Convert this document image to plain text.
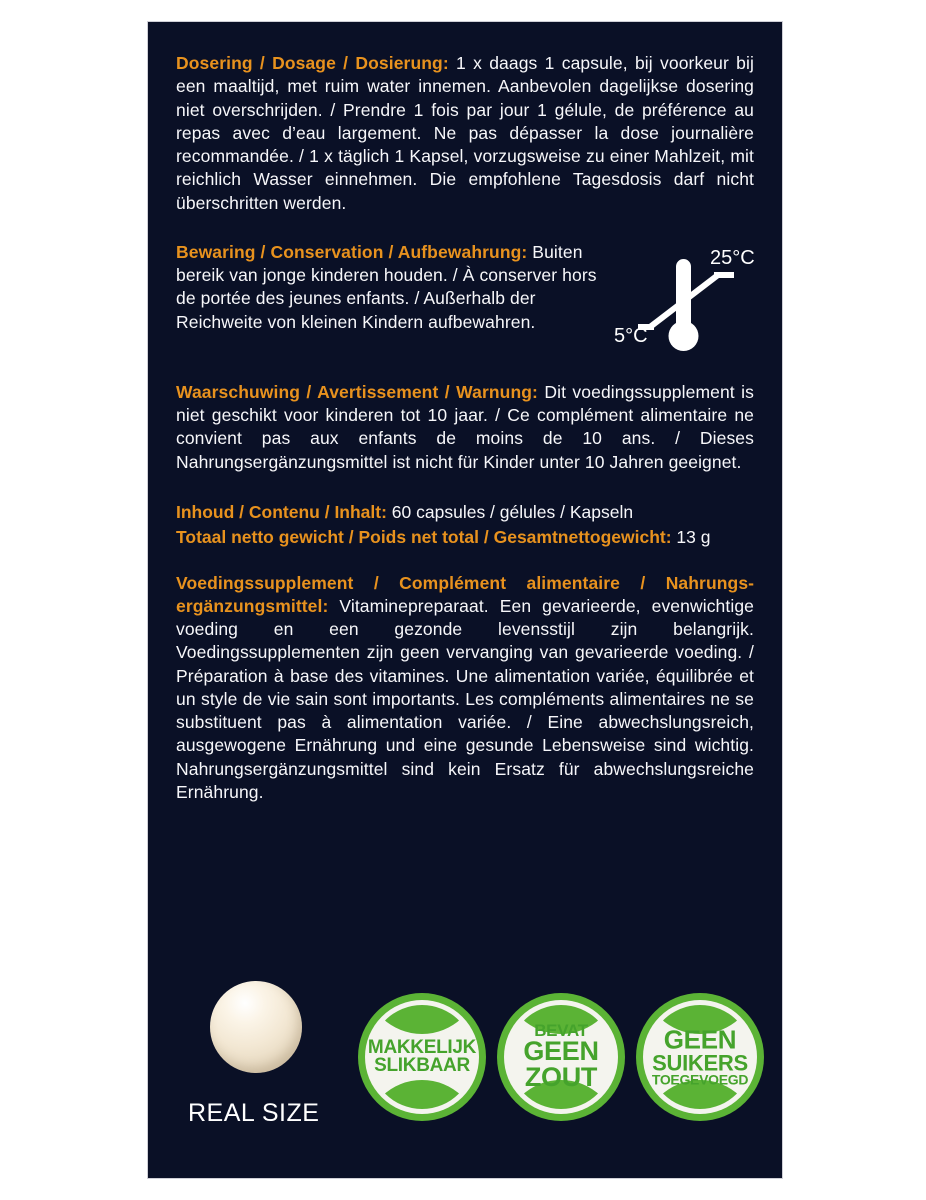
Dosering / Dosage / Dosierung: 1 x daags 1 capsule, bij voorkeur bij een maaltijd, met ruim water innemen. Aanbevolen dagelijkse dosering niet overschrijden. / Prendre 1 fois par jour 1 gélule, de préférence au repas avec d’eau largement. Ne pas dépasser la dose journalière recommandée. / 1 x täglich 1 Kapsel, vorzugsweise zu einer Mahlzeit, mit reichlich Wasser einnehmen. Die empfohlene Tagesdosis darf nicht überschritten werden.

Bewaring / Conservation / Aufbewahrung: Buiten bereik van jonge kinderen houden. / À conserver hors de portée des jeunes enfants. / Außerhalb der Reichweite von kleinen Kindern aufbewahren.

25°C
5°C

Waarschuwing / Avertissement / Warnung: Dit voedingssupplement is niet geschikt voor kinderen tot 10 jaar. / Ce complément alimentaire ne convient pas aux enfants de moins de 10 ans. / Dieses Nahrungsergänzungsmittel ist nicht für Kinder unter 10 Jahren geeignet.

Inhoud / Contenu / Inhalt: 60 capsules / gélules / Kapseln
Totaal netto gewicht / Poids net total / Gesamtnettogewicht: 13 g

Voedingssupplement / Complément alimentaire / Nahrungsergänzungsmittel: Vitaminepreparaat. Een gevarieerde, evenwichtige voeding en een gezonde levensstijl zijn belangrijk. Voedingssupplementen zijn geen vervanging van gevarieerde voeding. / Préparation à base des vitamines. Une alimentation variée, équilibrée et un style de vie sain sont importants. Les compléments alimentaires ne se substituent pas à alimentation variée. / Eine abwechslungsreich, ausgewogene Ernährung und eine gesunde Lebensweise sind wichtig. Nahrungsergänzungsmittel sind kein Ersatz für abwechslungsreiche Ernährung.

REAL SIZE
MAKKELIJK
SLIKBAAR
BEVAT
GEEN
ZOUT
GEEN
SUIKERS
TOEGEVOEGD
